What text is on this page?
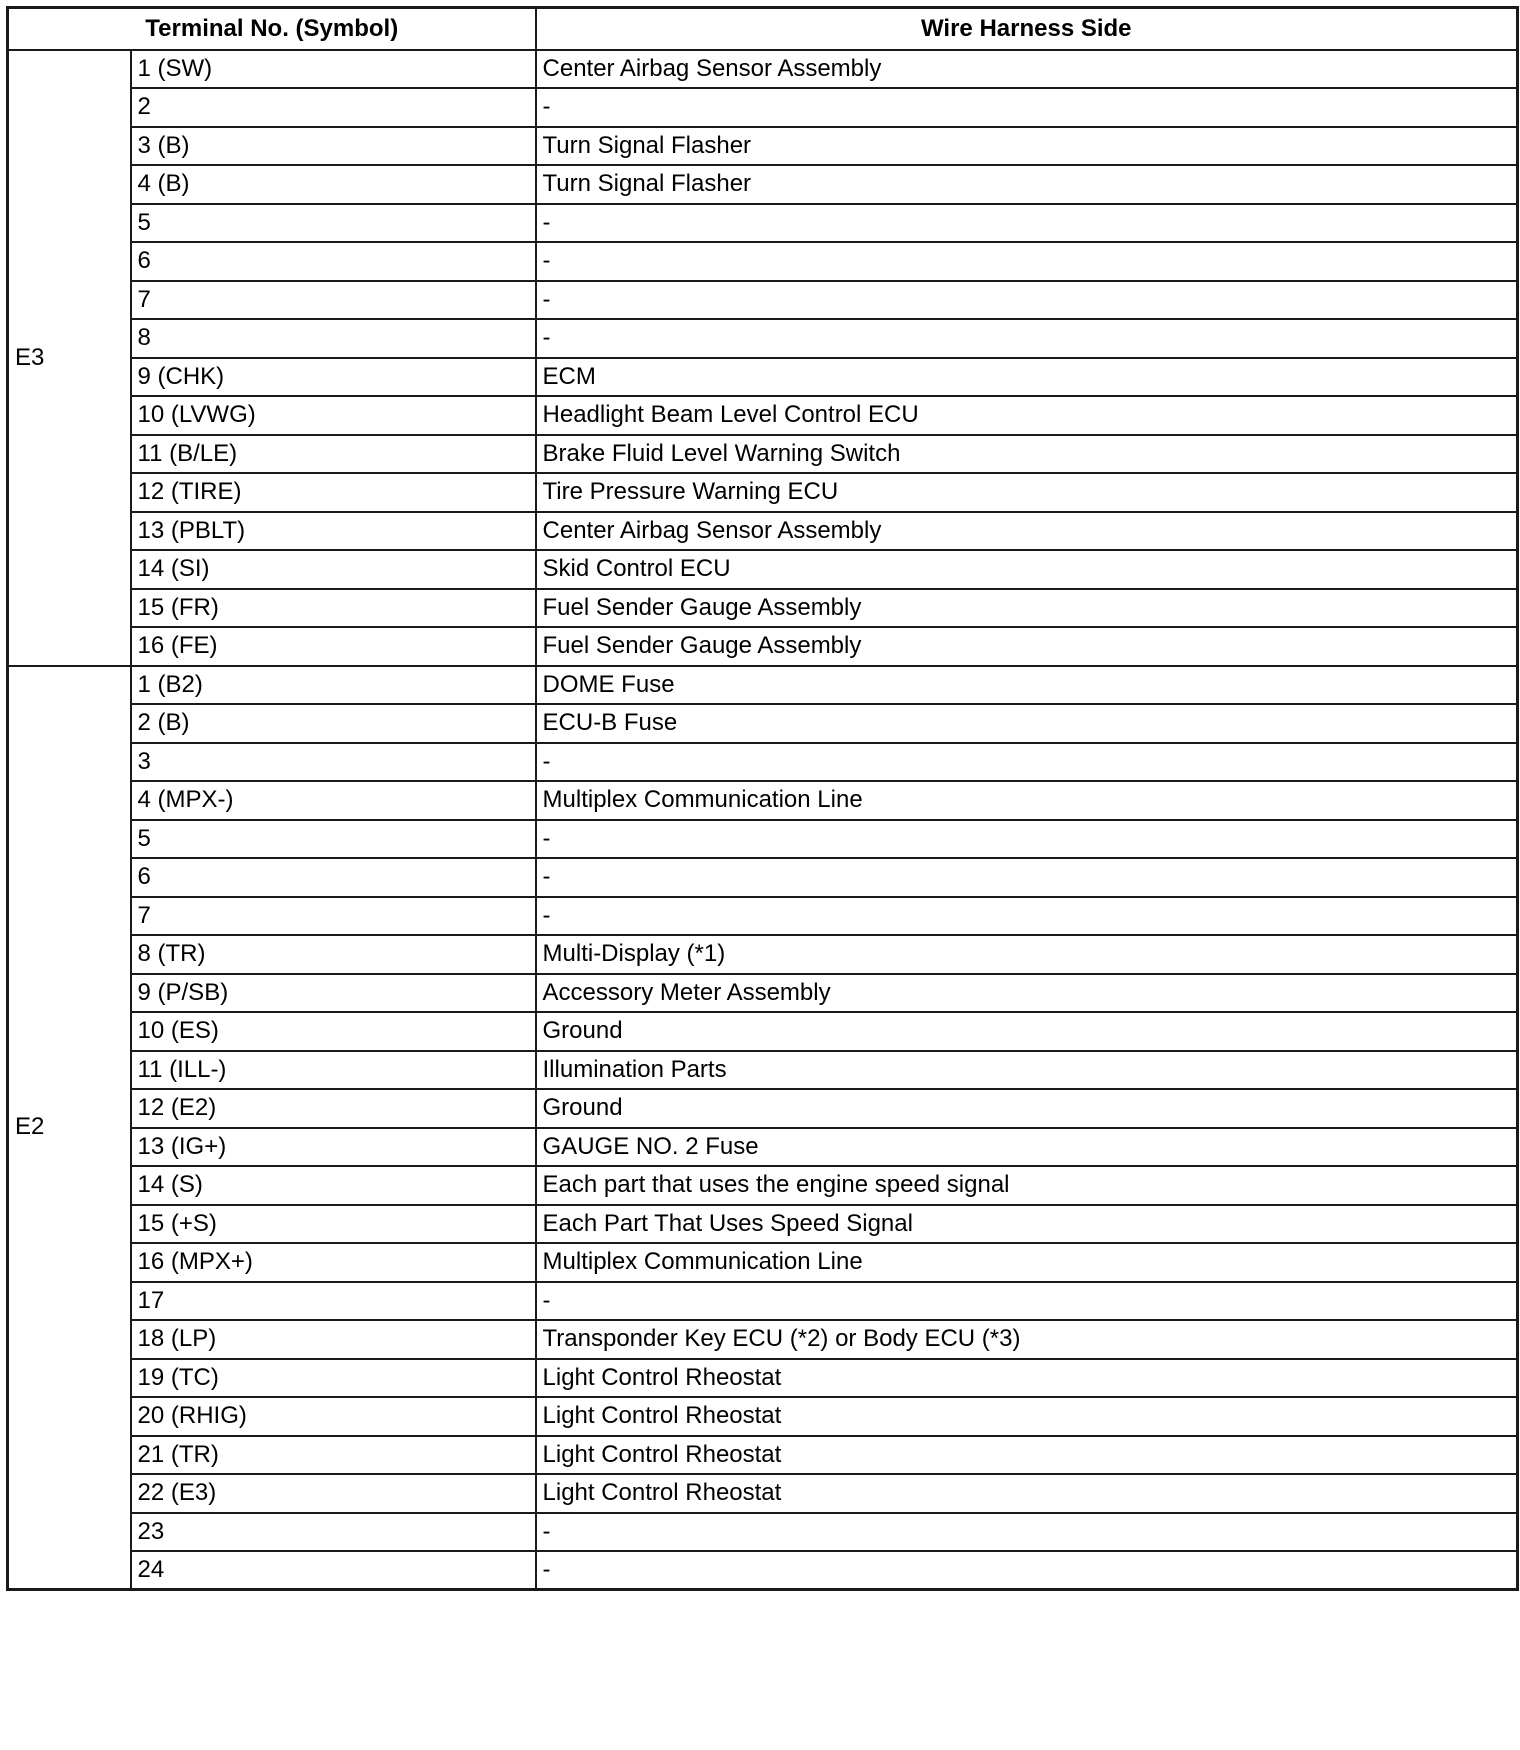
Terminal No. (Symbol)		Wire Harness Side
E3	1 (SW)	Center Airbag Sensor Assembly
	2	-
	3 (B)	Turn Signal Flasher
	4 (B)	Turn Signal Flasher
	5	-
	6	-
	7	-
	8	-
	9 (CHK)	ECM
	10 (LVWG)	Headlight Beam Level Control ECU
	11 (B/LE)	Brake Fluid Level Warning Switch
	12 (TIRE)	Tire Pressure Warning ECU
	13 (PBLT)	Center Airbag Sensor Assembly
	14 (SI)	Skid Control ECU
	15 (FR)	Fuel Sender Gauge Assembly
	16 (FE)	Fuel Sender Gauge Assembly
E2	1 (B2)	DOME Fuse
	2 (B)	ECU-B Fuse
	3	-
	4 (MPX-)	Multiplex Communication Line
	5	-
	6	-
	7	-
	8 (TR)	Multi-Display (*1)
	9 (P/SB)	Accessory Meter Assembly
	10 (ES)	Ground
	11 (ILL-)	Illumination Parts
	12 (E2)	Ground
	13 (IG+)	GAUGE NO. 2 Fuse
	14 (S)	Each part that uses the engine speed signal
	15 (+S)	Each Part That Uses Speed Signal
	16 (MPX+)	Multiplex Communication Line
	17	-
	18 (LP)	Transponder Key ECU (*2) or Body ECU (*3)
	19 (TC)	Light Control Rheostat
	20 (RHIG)	Light Control Rheostat
	21 (TR)	Light Control Rheostat
	22 (E3)	Light Control Rheostat
	23	-
	24	-
